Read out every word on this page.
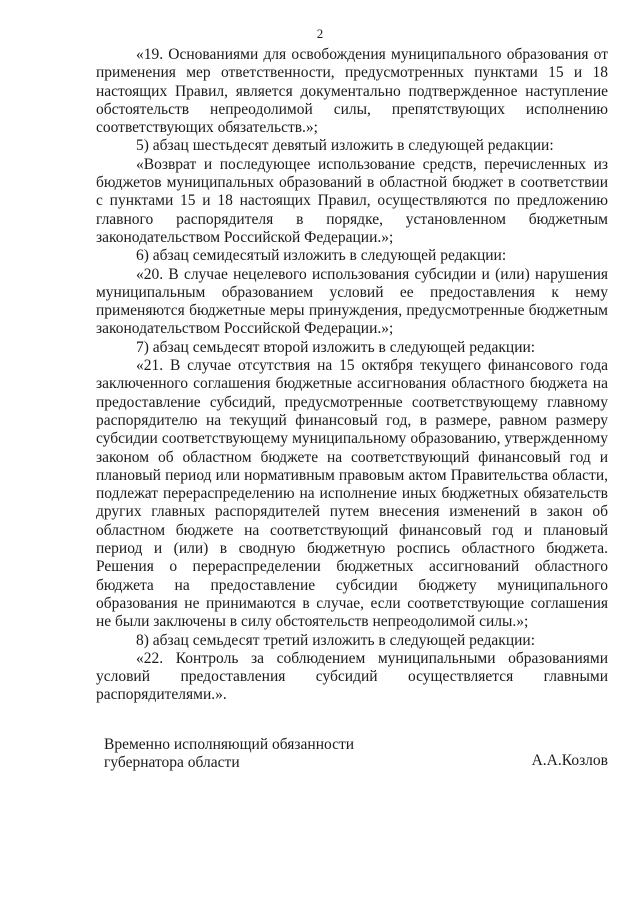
2

«19. Основаниями для освобождения муниципального образования от применения мер ответственности, предусмотренных пунктами 15 и 18 настоящих Правил, является документально подтвержденное наступление обстоятельств непреодолимой силы, препятствующих исполнению соответствующих обязательств.»;

5) абзац шестьдесят девятый изложить в следующей редакции:

«Возврат и последующее использование средств, перечисленных из бюджетов муниципальных образований в областной бюджет в соответствии с пунктами 15 и 18 настоящих Правил, осуществляются по предложению главного распорядителя в порядке, установленном бюджетным законодательством Российской Федерации.»;

6) абзац семидесятый изложить в следующей редакции:

«20. В случае нецелевого использования субсидии и (или) нарушения муниципальным образованием условий ее предоставления к нему применяются бюджетные меры принуждения, предусмотренные бюджетным законодательством Российской Федерации.»;

7) абзац семьдесят второй изложить в следующей редакции:

«21. В случае отсутствия на 15 октября текущего финансового года заключенного соглашения бюджетные ассигнования областного бюджета на предоставление субсидий, предусмотренные соответствующему главному распорядителю на текущий финансовый год, в размере, равном размеру субсидии соответствующему муниципальному образованию, утвержденному законом об областном бюджете на соответствующий финансовый год и плановый период или нормативным правовым актом Правительства области, подлежат перераспределению на исполнение иных бюджетных обязательств других главных распорядителей путем внесения изменений в закон об областном бюджете на соответствующий финансовый год и плановый период и (или) в сводную бюджетную роспись областного бюджета. Решения о перераспределении бюджетных ассигнований областного бюджета на предоставление субсидии бюджету муниципального образования не принимаются в случае, если соответствующие соглашения не были заключены в силу обстоятельств непреодолимой силы.»;

8) абзац семьдесят третий изложить в следующей редакции:

«22. Контроль за соблюдением муниципальными образованиями условий предоставления субсидий осуществляется главными распорядителями.».

Временно исполняющий обязанности
губернатора области	А.А.Козлов
